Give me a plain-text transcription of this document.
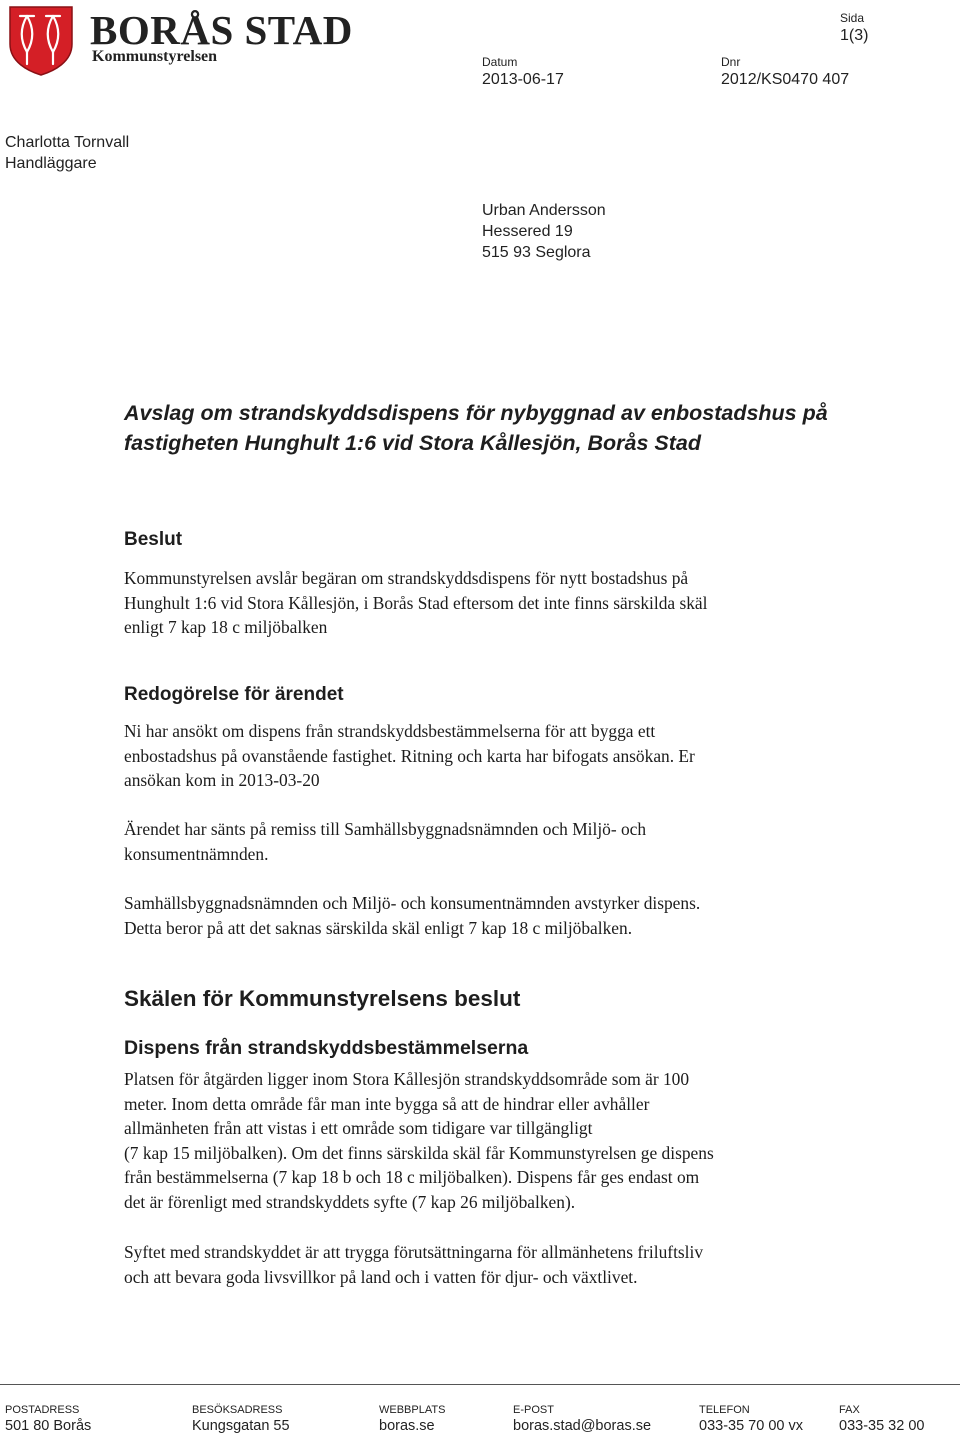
BORÅS STAD
Kommunstyrelsen
Sida
1(3)
Datum
2013-06-17
Dnr
2012/KS0470 407
Charlotta Tornvall
Handläggare
Urban Andersson
Hessered 19
515 93 Seglora
Avslag om strandskyddsdispens för nybyggnad av enbostadshus på fastigheten Hunghult 1:6 vid Stora Kållesjön, Borås Stad
Beslut
Kommunstyrelsen avslår begäran om strandskyddsdispens för nytt bostadshus på
Hunghult 1:6 vid Stora Kållesjön, i Borås Stad eftersom det inte finns särskilda skäl
enligt 7 kap 18 c miljöbalken
Redogörelse för ärendet
Ni har ansökt om dispens från strandskyddsbestämmelserna för att bygga ett
enbostadshus på ovanstående fastighet. Ritning och karta har bifogats ansökan. Er
ansökan kom in 2013-03-20
Ärendet har sänts på remiss till Samhällsbyggnadsnämnden och Miljö- och
konsumentnämnden.
Samhällsbyggnadsnämnden och Miljö- och konsumentnämnden avstyrker dispens.
Detta beror på att det saknas särskilda skäl enligt 7 kap 18 c miljöbalken.
Skälen för Kommunstyrelsens beslut
Dispens från strandskyddsbestämmelserna
Platsen för åtgärden ligger inom Stora Kållesjön strandskyddsområde som är 100
meter. Inom detta område får man inte bygga så att de hindrar eller avhåller
allmänheten från att vistas i ett område som tidigare var tillgängligt
(7 kap 15 miljöbalken). Om det finns särskilda skäl får Kommunstyrelsen ge dispens
från bestämmelserna (7 kap 18 b och 18 c miljöbalken). Dispens får ges endast om
det är förenligt med strandskyddets syfte (7 kap 26 miljöbalken).
Syftet med strandskyddet är att trygga förutsättningarna för allmänhetens friluftsliv
och att bevara goda livsvillkor på land och i vatten för djur- och växtlivet.
POSTADRESS
501 80 Borås
BESÖKSADRESS
Kungsgatan 55
WEBBPLATS
boras.se
E-POST
boras.stad@boras.se
TELEFON
033-35 70 00 vx
FAX
033-35 32 00
